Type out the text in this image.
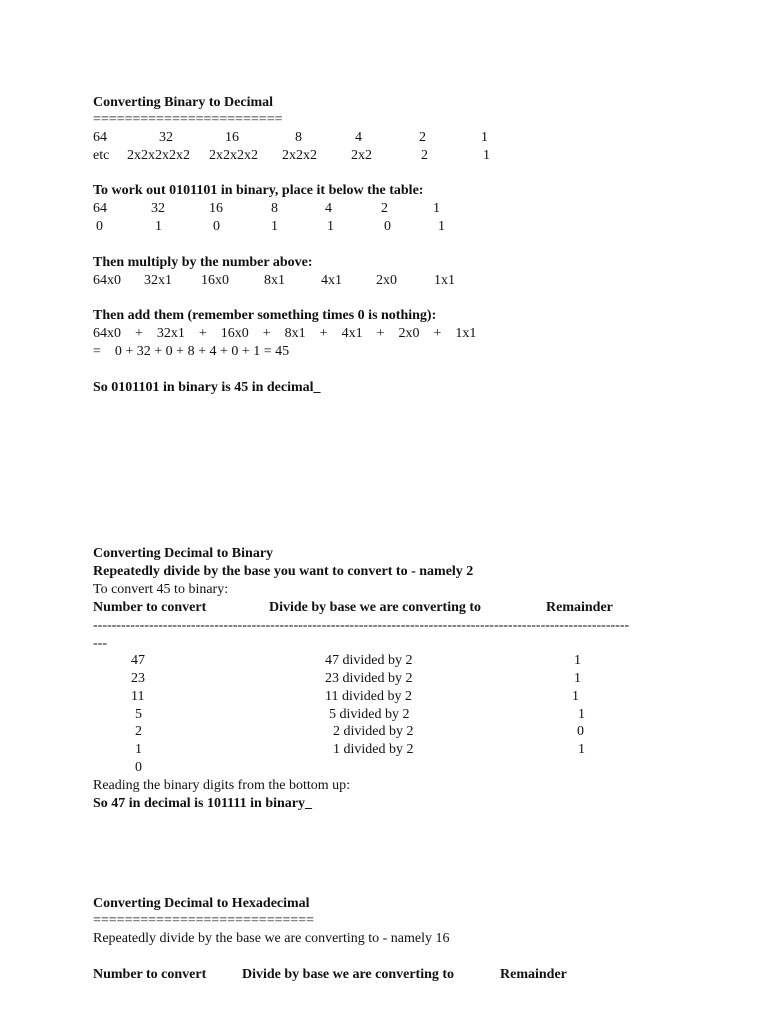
Converting Binary to Decimal
========================
64	32	16	8	4	2	1
etc 2x2x2x2x2 2x2x2x2 2x2x2 2x2	2	1
To work out 0101101 in binary, place it below the table:
64	32	16	8	4	2	1
0	1	0	1	1	0	1
Then multiply by the number above:
64x0 32x1 16x0	8x1	4x1 2x0	1x1
Then add them (remember something times 0 is nothing):
64x0    +    32x1    +    16x0    +    8x1    +    4x1    +    2x0    +    1x1
=    0 + 32 + 0 + 8 + 4 + 0 + 1 = 45
So 0101101 in binary is 45 in decimal_
Converting Decimal to Binary
Repeatedly divide by the base you want to convert to - namely 2
To convert 45 to binary:
Number to convert	Divide by base we are converting to	Remainder
-------------------------------------------------------------------------------------------------------------------
---
47	47 divided by 2	1
23	23 divided by 2	1
11	11 divided by 2	1
5	5 divided by 2	1
2	2 divided by 2	0
1	1 divided by 2	1
0
Reading the binary digits from the bottom up:
So 47 in decimal is 101111 in binary_
Converting Decimal to Hexadecimal
============================
Repeatedly divide by the base we are converting to - namely 16
Number to convert	Divide by base we are converting to	Remainder
